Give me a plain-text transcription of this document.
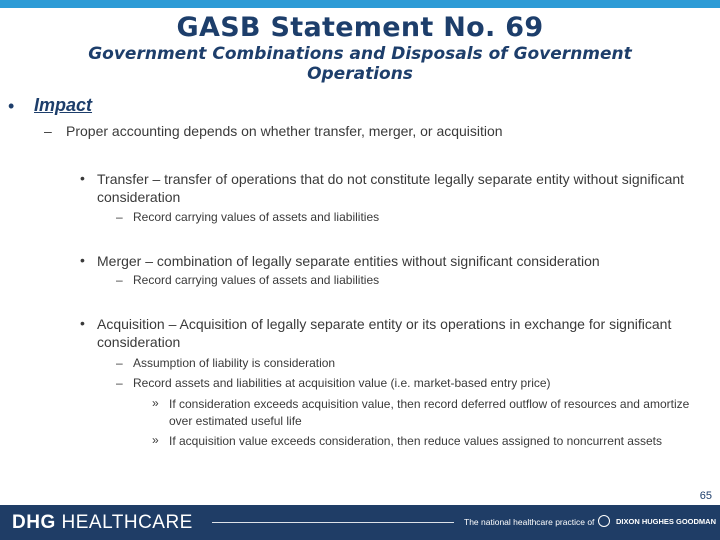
GASB Statement No. 69
Government Combinations and Disposals of Government Operations
• Impact
– Proper accounting depends on whether transfer, merger, or acquisition

• Transfer – transfer of operations that do not constitute legally separate entity without significant consideration

– Record carrying values of assets and liabilities

• Merger – combination of legally separate entities without significant consideration

– Record carrying values of assets and liabilities

• Acquisition – Acquisition of legally separate entity or its operations in exchange for significant consideration

– Assumption of liability is consideration

– Record assets and liabilities at acquisition value (i.e. market-based entry price)

» If consideration exceeds acquisition value, then record deferred outflow of resources and amortize over estimated useful life

» If acquisition value exceeds consideration, then reduce values assigned to noncurrent assets

65
DHG HEALTHCARE	The national healthcare practice of	DIXON HUGHES GOODMAN
